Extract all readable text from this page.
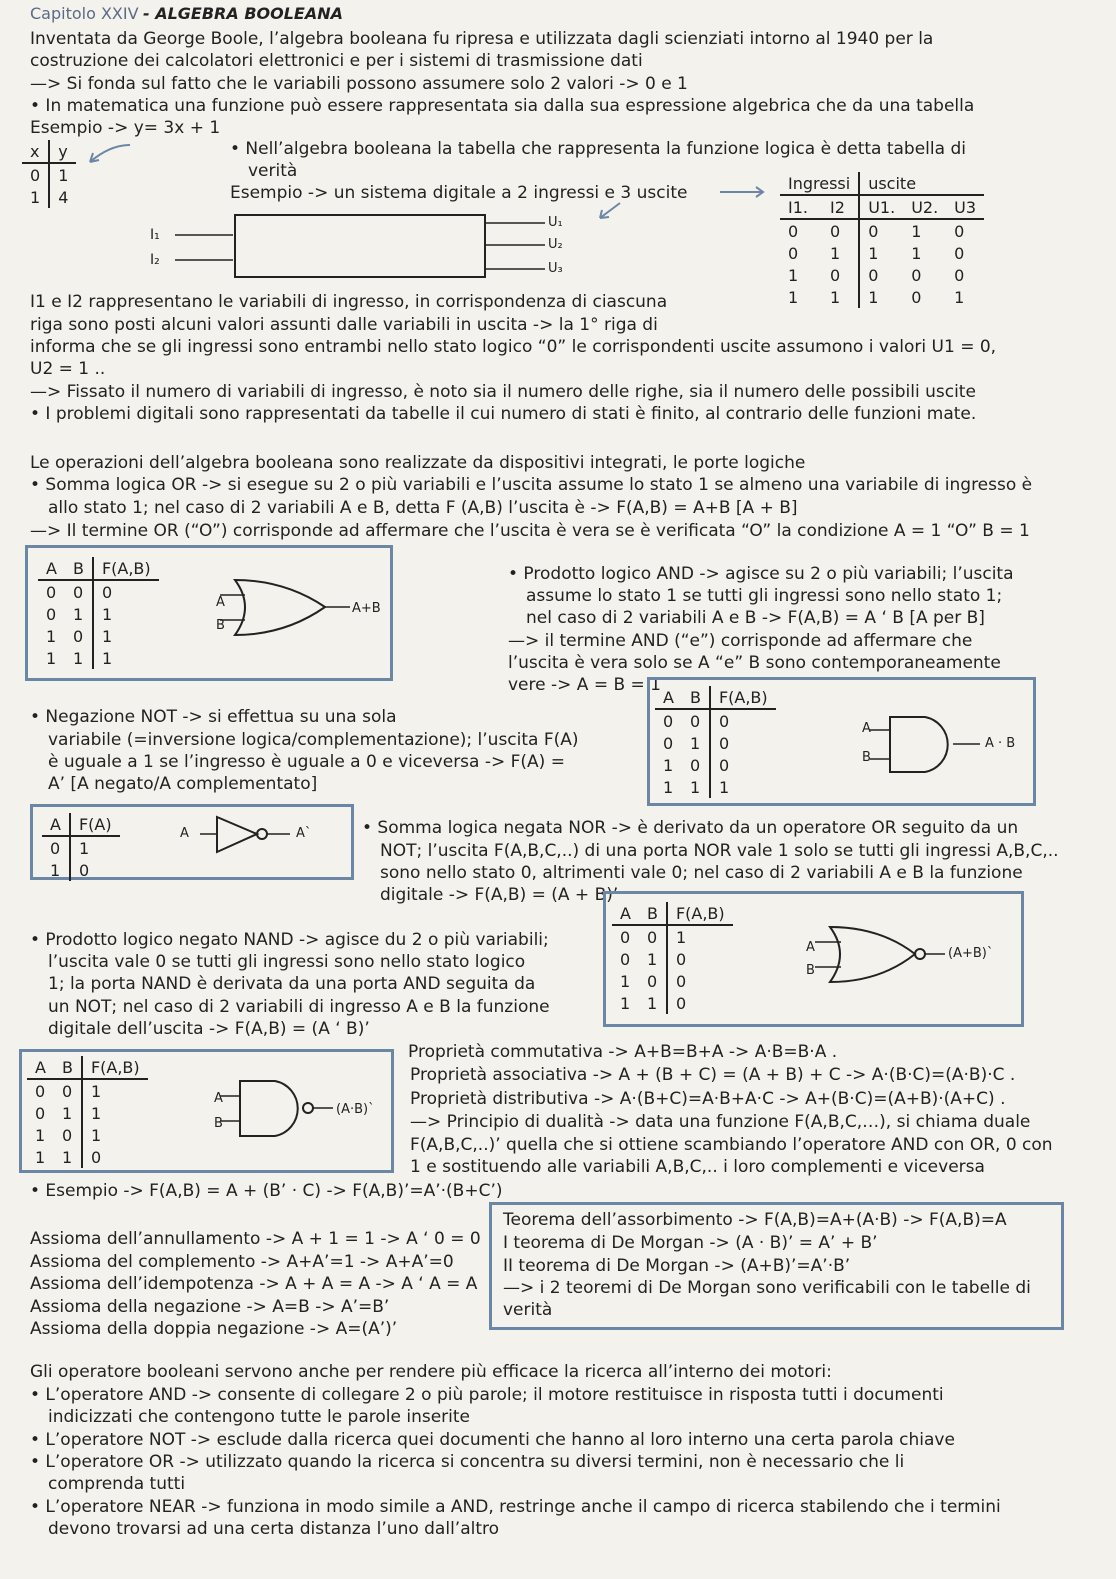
Capitolo XXIV - ALGEBRA BOOLEANA
Inventata da George Boole, l’algebra booleana fu ripresa e utilizzata dagli scienziati intorno al 1940 per la
costruzione dei calcolatori elettronici e per i sistemi di trasmissione dati
—> Si fonda sul fatto che le variabili possono assumere solo 2 valori -> 0 e 1
• In matematica una funzione può essere rappresentata sia dalla sua espressione algebrica che da una tabella
Esempio -> y= 3x + 1
x	y
0	1
1	4
• Nell’algebra booleana la tabella che rappresenta la funzione logica è detta tabella di
verità
Esempio -> un sistema digitale a 2 ingressi e 3 uscite
I₁
I₂
U₁
U₂
U₃
Ingressi		uscite		
I1.	I2	U1.	U2.	U3
0	0	0	1	0
0	1	1	1	0
1	0	0	0	0
1	1	1	0	1
I1 e I2 rappresentano le variabili di ingresso, in corrispondenza di ciascuna
riga sono posti alcuni valori assunti dalle variabili in uscita -> la 1° riga di
informa che se gli ingressi sono entrambi nello stato logico “0” le corrispondenti uscite assumono i valori U1 = 0,
U2 = 1 ..
—> Fissato il numero di variabili di ingresso, è noto sia il numero delle righe, sia il numero delle possibili uscite
• I problemi digitali sono rappresentati da tabelle il cui numero di stati è finito, al contrario delle funzioni mate.
Le operazioni dell’algebra booleana sono realizzate da dispositivi integrati, le porte logiche
• Somma logica OR -> si esegue su 2 o più variabili e l’uscita assume lo stato 1 se almeno una variabile di ingresso è
allo stato 1; nel caso di 2 variabili A e B, detta F (A,B) l’uscita è -> F(A,B) = A+B [A + B]
—> Il termine OR (“O”) corrisponde ad affermare che l’uscita è vera se è verificata “O” la condizione A = 1 “O” B = 1
A	B	F(A,B)
0	0	0
0	1	1
1	0	1
1	1	1
A
B
A+B
• Prodotto logico AND -> agisce su 2 o più variabili; l’uscita
assume lo stato 1 se tutti gli ingressi sono nello stato 1;
nel caso di 2 variabili A e B -> F(A,B) = A ‘ B [A per B]
—> il termine AND (“e”) corrisponde ad affermare che
l’uscita è vera solo se A “e” B sono contemporaneamente
vere -> A = B = 1
A	B	F(A,B)
0	0	0
0	1	0
1	0	0
1	1	1
A
B
A · B
• Negazione NOT -> si effettua su una sola
variabile (=inversione logica/complementazione); l’uscita F(A)
è uguale a 1 se l’ingresso è uguale a 0 e viceversa -> F(A) =
A’ [A negato/A complementato]
A	F(A)
0	1
1	0
A	A`	• Somma logica negata NOR -> è derivato da un operatore OR seguito da un
NOT; l’uscita F(A,B,C,..) di una porta NOR vale 1 solo se tutti gli ingressi A,B,C,..
sono nello stato 0, altrimenti vale 0; nel caso di 2 variabili A e B la funzione
digitale -> F(A,B) = (A + B)’
A	B	F(A,B)
0	0	1
0	1	0
1	0	0
1	1	0
A
B
(A+B)`
• Prodotto logico negato NAND -> agisce du 2 o più variabili;
l’uscita vale 0 se tutti gli ingressi sono nello stato logico
1; la porta NAND è derivata da una porta AND seguita da
un NOT; nel caso di 2 variabili di ingresso A e B la funzione
digitale dell’uscita -> F(A,B) = (A ‘ B)’
A	B	F(A,B)
0	0	1
0	1	1
1	0	1
1	1	0
A
B
(A·B)`
Proprietà commutativa -> A+B=B+A -> A·B=B·A .
Proprietà associativa -> A + (B + C) = (A + B) + C -> A·(B·C)=(A·B)·C .
Proprietà distributiva -> A·(B+C)=A·B+A·C -> A+(B·C)=(A+B)·(A+C) .
—> Principio di dualità -> data una funzione F(A,B,C,…), si chiama duale
F(A,B,C,..)’ quella che si ottiene scambiando l’operatore AND con OR, 0 con
1 e sostituendo alle variabili A,B,C,.. i loro complementi e viceversa
• Esempio -> F(A,B) = A + (B’ · C) -> F(A,B)’=A’·(B+C’)
Assioma dell’annullamento -> A + 1 = 1 -> A ‘ 0 = 0
Assioma del complemento -> A+A’=1 -> A+A’=0
Assioma dell’idempotenza -> A + A = A -> A ‘ A = A
Assioma della negazione -> A=B -> A’=B’
Assioma della doppia negazione -> A=(A’)’
Teorema dell’assorbimento -> F(A,B)=A+(A·B) -> F(A,B)=A
I teorema di De Morgan -> (A · B)’ = A’ + B’
II teorema di De Morgan -> (A+B)’=A’·B’
—> i 2 teoremi di De Morgan sono verificabili con le tabelle di
verità
Gli operatore booleani servono anche per rendere più efficace la ricerca all’interno dei motori:
• L’operatore AND -> consente di collegare 2 o più parole; il motore restituisce in risposta tutti i documenti
indicizzati che contengono tutte le parole inserite
• L’operatore NOT -> esclude dalla ricerca quei documenti che hanno al loro interno una certa parola chiave
• L’operatore OR -> utilizzato quando la ricerca si concentra su diversi termini, non è necessario che li
comprenda tutti
• L’operatore NEAR -> funziona in modo simile a AND, restringe anche il campo di ricerca stabilendo che i termini
devono trovarsi ad una certa distanza l’uno dall’altro
